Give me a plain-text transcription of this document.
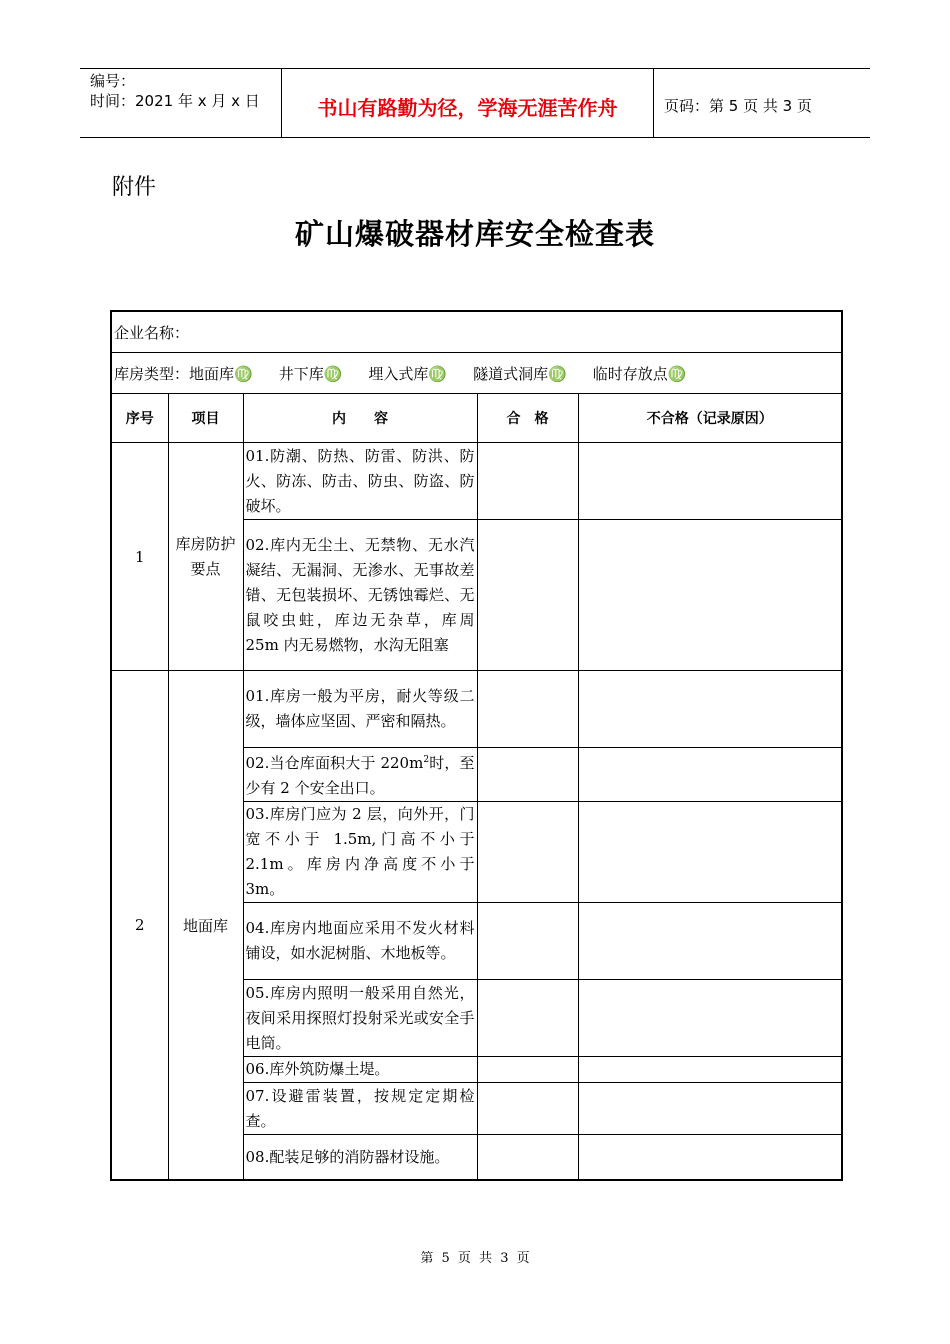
编号：
时间：2021 年 x 月 x 日	书山有路勤为径，学海无涯苦作舟	页码：第 5 页 共 3 页
附件
矿山爆破器材库安全检查表
企业名称：				
库房类型：地面库♍ 井下库♍ 埋入式库♍ 隧道式洞库♍ 临时存放点♍				
序号	项目	内　　容	合　格	不合格（记录原因）
1	库房防护要点	01.防潮、防热、防雷、防洪、防火、防冻、防击、防虫、防盗、防破坏。		
		02.库内无尘土、无禁物、无水汽凝结、无漏洞、无渗水、无事故差错、无包装损坏、无锈蚀霉烂、无鼠咬虫蛀，库边无杂草，库周 25m 内无易燃物，水沟无阻塞		
2	地面库	01.库房一般为平房，耐火等级二级，墙体应坚固、严密和隔热。		
		02.当仓库面积大于 $220m^2$时，至少有 2 个安全出口。		
		03.库房门应为 2 层，向外开，门宽不小于 1.5m,门高不小于 2.1m。库房内净高度不小于 3m。		
		04.库房内地面应采用不发火材料铺设，如水泥树脂、木地板等。		
		05.库房内照明一般采用自然光，夜间采用探照灯投射采光或安全手电筒。		
		06.库外筑防爆土堤。		
		07.设避雷装置，按规定定期检查。		
		08.配装足够的消防器材设施。		
第 5 页 共 3 页
